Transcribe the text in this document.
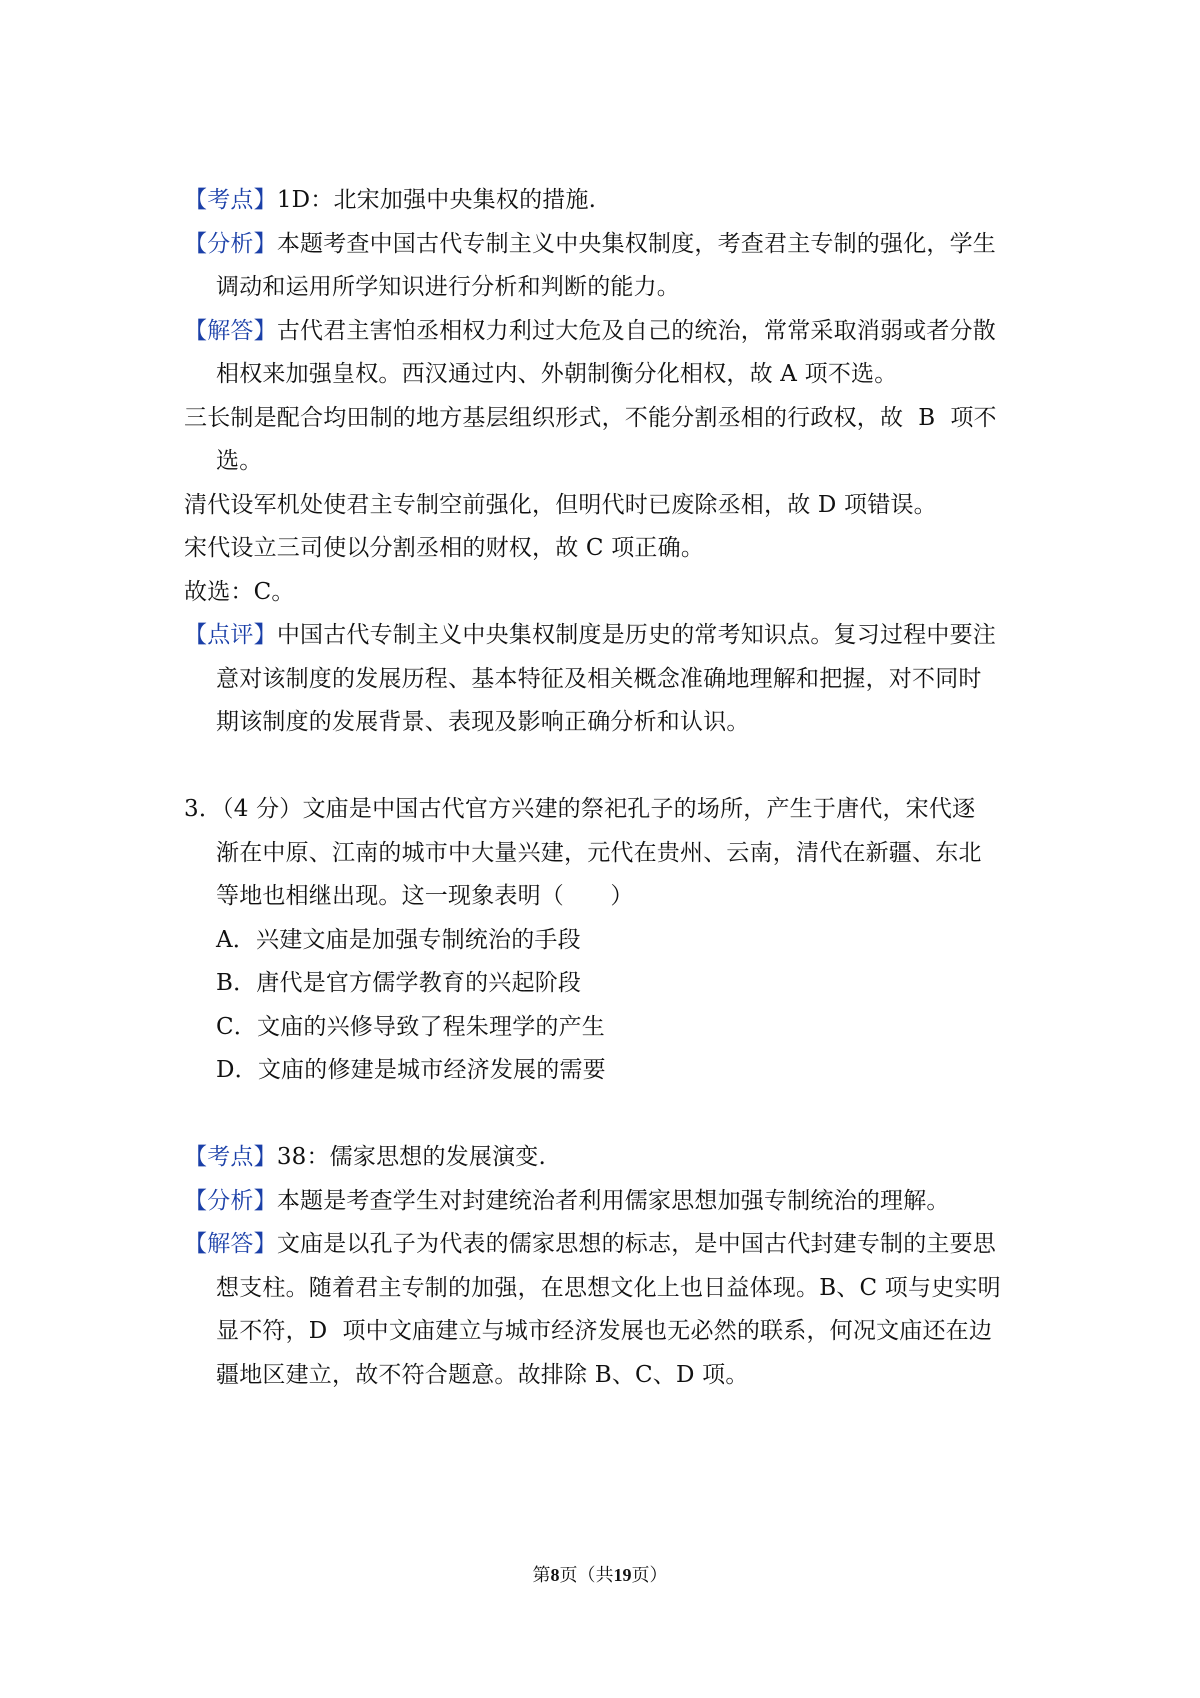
【考点】1D：北宋加强中央集权的措施.
【分析】本题考查中国古代专制主义中央集权制度，考查君主专制的强化，学生
调动和运用所学知识进行分析和判断的能力。
【解答】古代君主害怕丞相权力利过大危及自己的统治，常常采取消弱或者分散
相权来加强皇权。西汉通过内、外朝制衡分化相权，故 A 项不选。
三长制是配合均田制的地方基层组织形式，不能分割丞相的行政权，故  B  项不
选。
清代设军机处使君主专制空前强化，但明代时已废除丞相，故 D 项错误。
宋代设立三司使以分割丞相的财权，故 C 项正确。
故选：C。
【点评】中国古代专制主义中央集权制度是历史的常考知识点。复习过程中要注
意对该制度的发展历程、基本特征及相关概念准确地理解和把握，对不同时
期该制度的发展背景、表现及影响正确分析和认识。
3．（4 分）文庙是中国古代官方兴建的祭祀孔子的场所，产生于唐代，宋代逐
渐在中原、江南的城市中大量兴建，元代在贵州、云南，清代在新疆、东北
等地也相继出现。这一现象表明（　　）
A．兴建文庙是加强专制统治的手段
B．唐代是官方儒学教育的兴起阶段
C．文庙的兴修导致了程朱理学的产生
D．文庙的修建是城市经济发展的需要
【考点】38：儒家思想的发展演变.
【分析】本题是考查学生对封建统治者利用儒家思想加强专制统治的理解。
【解答】文庙是以孔子为代表的儒家思想的标志，是中国古代封建专制的主要思
想支柱。随着君主专制的加强，在思想文化上也日益体现。B、C 项与史实明
显不符，D  项中文庙建立与城市经济发展也无必然的联系，何况文庙还在边
疆地区建立，故不符合题意。故排除 B、C、D 项。
第8页（共19页）
